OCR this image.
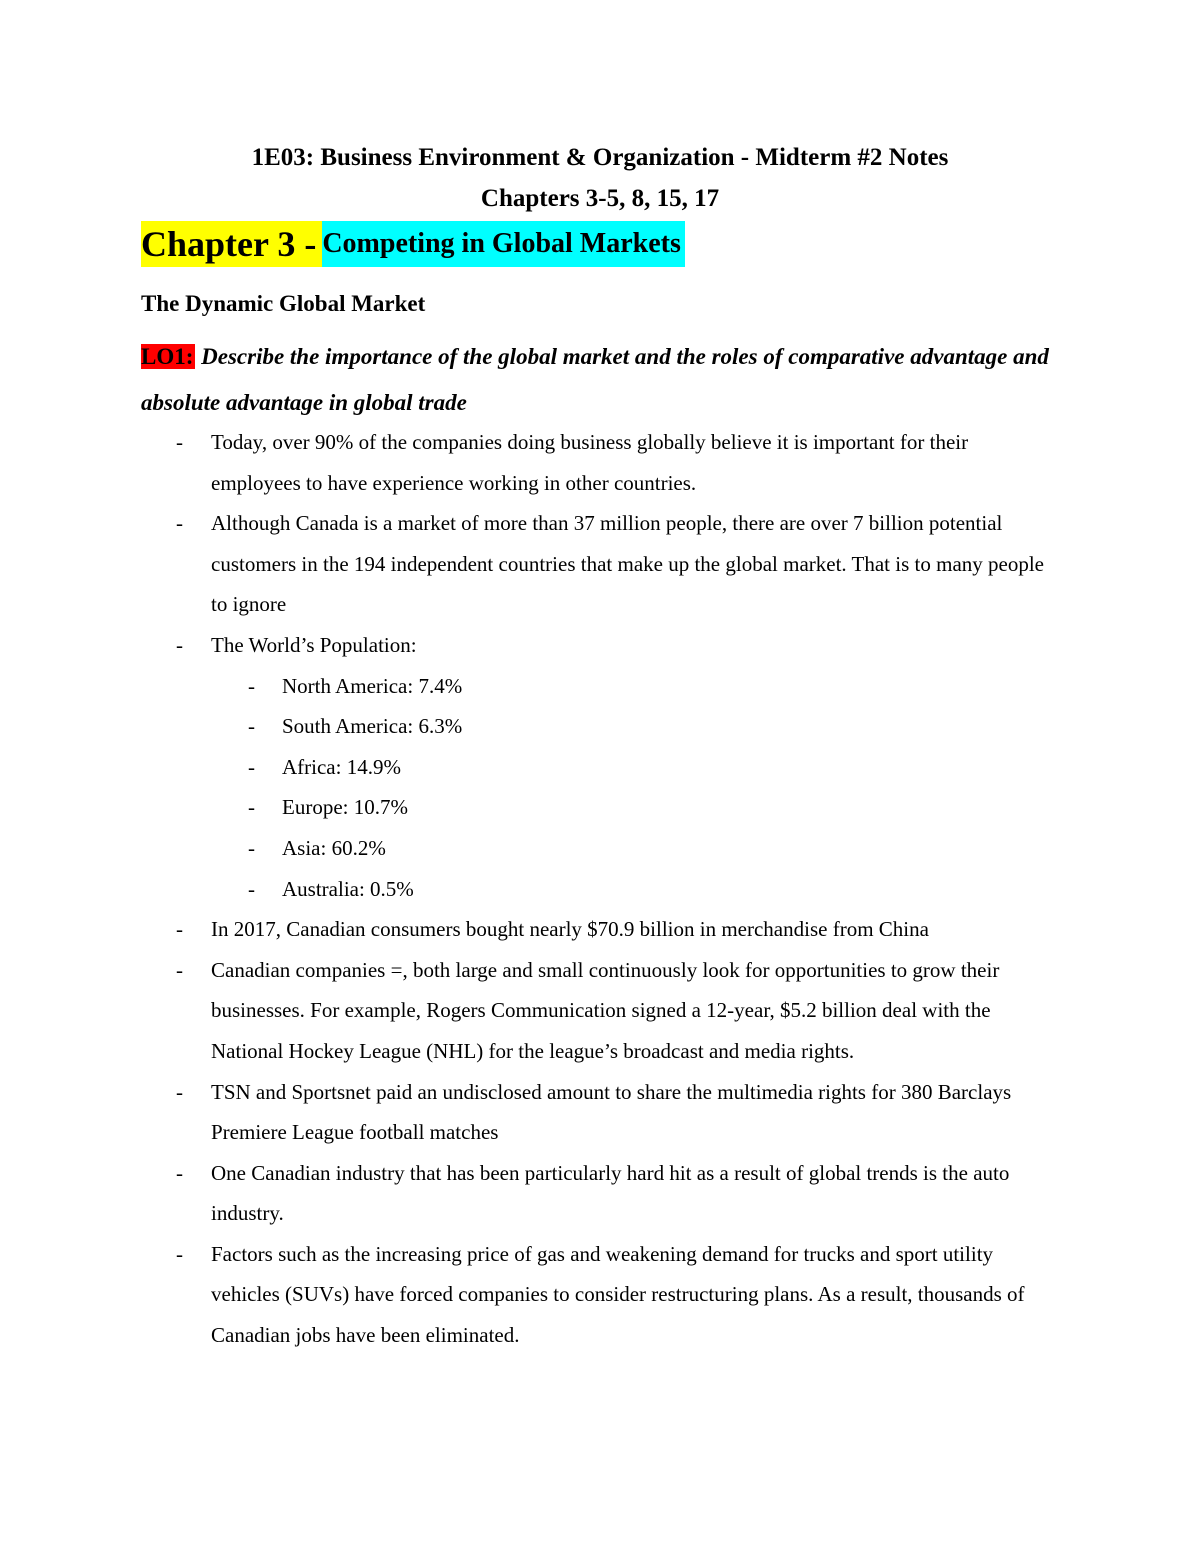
1E03: Business Environment & Organization - Midterm #2 Notes
Chapters 3-5, 8, 15, 17
Chapter 3 - Competing in Global Markets
The Dynamic Global Market
LO1: Describe the importance of the global market and the roles of comparative advantage and absolute advantage in global trade
- Today, over 90% of the companies doing business globally believe it is important for their employees to have experience working in other countries.
- Although Canada is a market of more than 37 million people, there are over 7 billion potential customers in the 194 independent countries that make up the global market. That is to many people to ignore
- The World’s Population:
- North America: 7.4%
- South America: 6.3%
- Africa: 14.9%
- Europe: 10.7%
- Asia: 60.2%
- Australia: 0.5%
- In 2017, Canadian consumers bought nearly $70.9 billion in merchandise from China
- Canadian companies =, both large and small continuously look for opportunities to grow their businesses. For example, Rogers Communication signed a 12-year, $5.2 billion deal with the National Hockey League (NHL) for the league’s broadcast and media rights.
- TSN and Sportsnet paid an undisclosed amount to share the multimedia rights for 380 Barclays Premiere League football matches
- One Canadian industry that has been particularly hard hit as a result of global trends is the auto industry.
- Factors such as the increasing price of gas and weakening demand for trucks and sport utility vehicles (SUVs) have forced companies to consider restructuring plans. As a result, thousands of Canadian jobs have been eliminated.
